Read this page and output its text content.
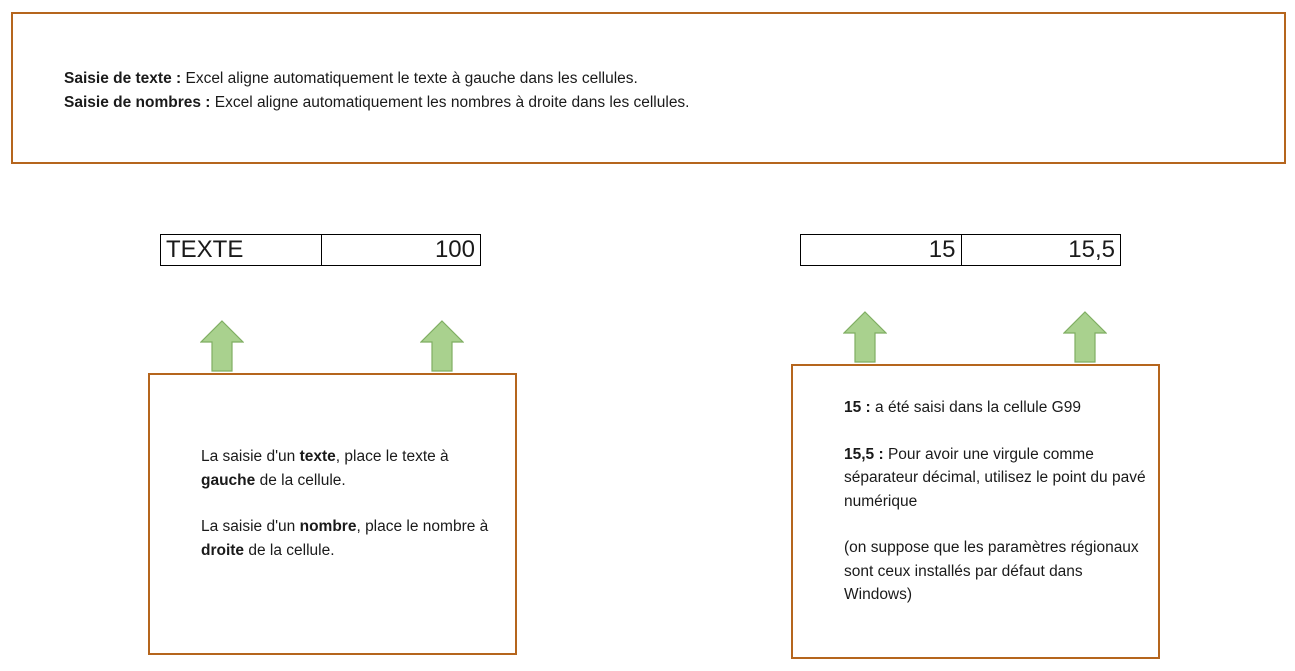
Saisie de texte : Excel aligne automatiquement le texte à gauche dans les cellules.

Saisie de nombres : Excel aligne automatiquement les nombres à droite dans les cellules.

TEXTE	100	15	15,5

La saisie d'un texte, place le texte à gauche de la cellule.

La saisie d'un nombre, place le nombre à droite de la cellule.

15 : a été saisi dans la cellule G99

15,5 : Pour avoir une virgule comme séparateur décimal, utilisez le point du pavé numérique

(on suppose que les paramètres régionaux sont ceux installés par défaut dans Windows)
